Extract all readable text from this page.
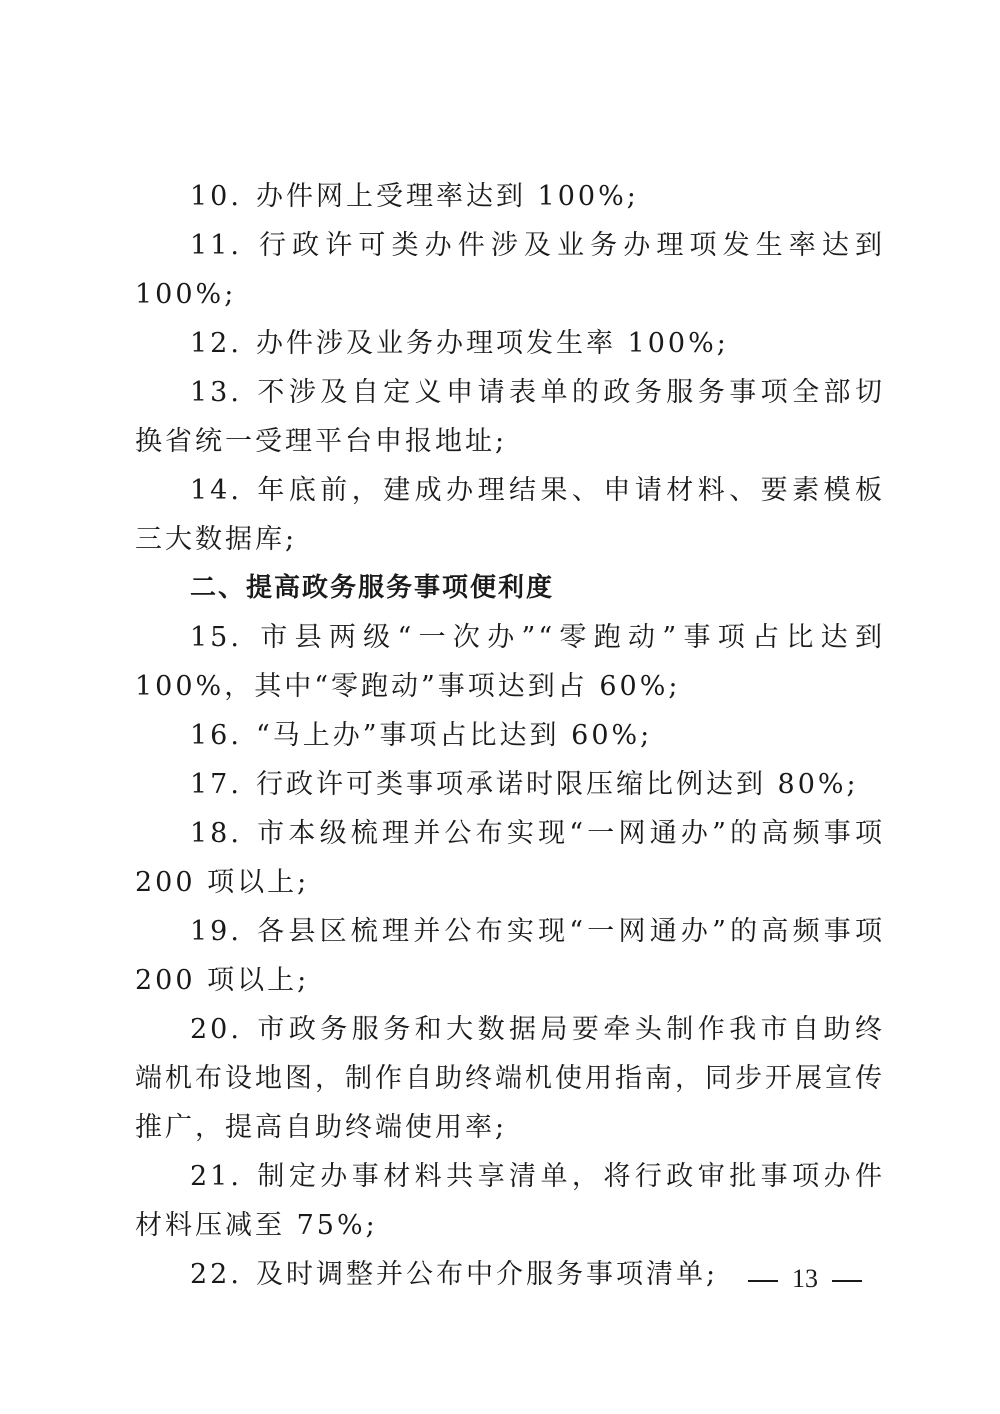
10. 办件网上受理率达到 100%;

11. 行政许可类办件涉及业务办理项发生率达到 100%;

12. 办件涉及业务办理项发生率 100%;

13. 不涉及自定义申请表单的政务服务事项全部切换省统一受理平台申报地址;

14. 年底前，建成办理结果、申请材料、要素模板三大数据库;

二、提高政务服务事项便利度

15. 市县两级“一次办”“零跑动”事项占比达到 100%，其中“零跑动”事项达到占 60%;

16. “马上办”事项占比达到 60%;

17. 行政许可类事项承诺时限压缩比例达到 80%;

18. 市本级梳理并公布实现“一网通办”的高频事项 200 项以上;

19. 各县区梳理并公布实现“一网通办”的高频事项 200 项以上;

20. 市政务服务和大数据局要牵头制作我市自助终端机布设地图，制作自助终端机使用指南，同步开展宣传推广，提高自助终端使用率;

21. 制定办事材料共享清单，将行政审批事项办件材料压减至 75%;

22. 及时调整并公布中介服务事项清单;	13
